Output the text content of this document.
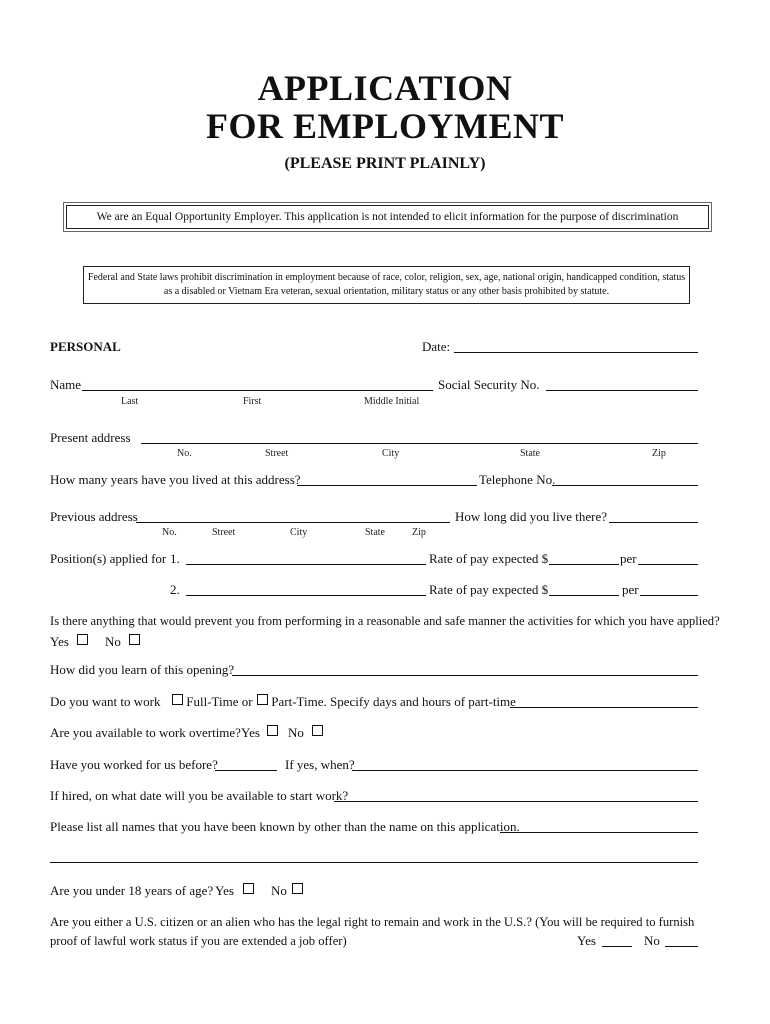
APPLICATION
FOR EMPLOYMENT
(PLEASE PRINT PLAINLY)
We are an Equal Opportunity Employer. This application is not intended to elicit information for the purpose of discrimination
Federal and State laws prohibit discrimination in employment because of race, color, religion, sex, age, national origin, handicapped condition, status as a disabled or Vietnam Era veteran, sexual orientation, military status or any other basis prohibited by statute.
PERSONAL	Date:
Name	Social Security No.
Last	First	Middle Initial
Present address
No.	Street	City	State	Zip
How many years have you lived at this address?	Telephone No.
Previous address	How long did you live there?
No.	Street	City	State	Zip
Position(s) applied for 1.	Rate of pay expected $	per
2.	Rate of pay expected $	per
Is there anything that would prevent you from performing in a reasonable and safe manner the activities for which you have applied?
Yes	No
How did you learn of this opening?
Do you want to work	Full-Time or	Part-Time. Specify days and hours of part-time
Are you available to work overtime? Yes	No
Have you worked for us before?	If yes, when?
If hired, on what date will you be available to start work?
Please list all names that you have been known by other than the name on this application.
Are you under 18 years of age? Yes	No
Are you either a U.S. citizen or an alien who has the legal right to remain and work in the U.S.? (You will be required to furnish
proof of lawful work status if you are extended a job offer)	Yes	No
